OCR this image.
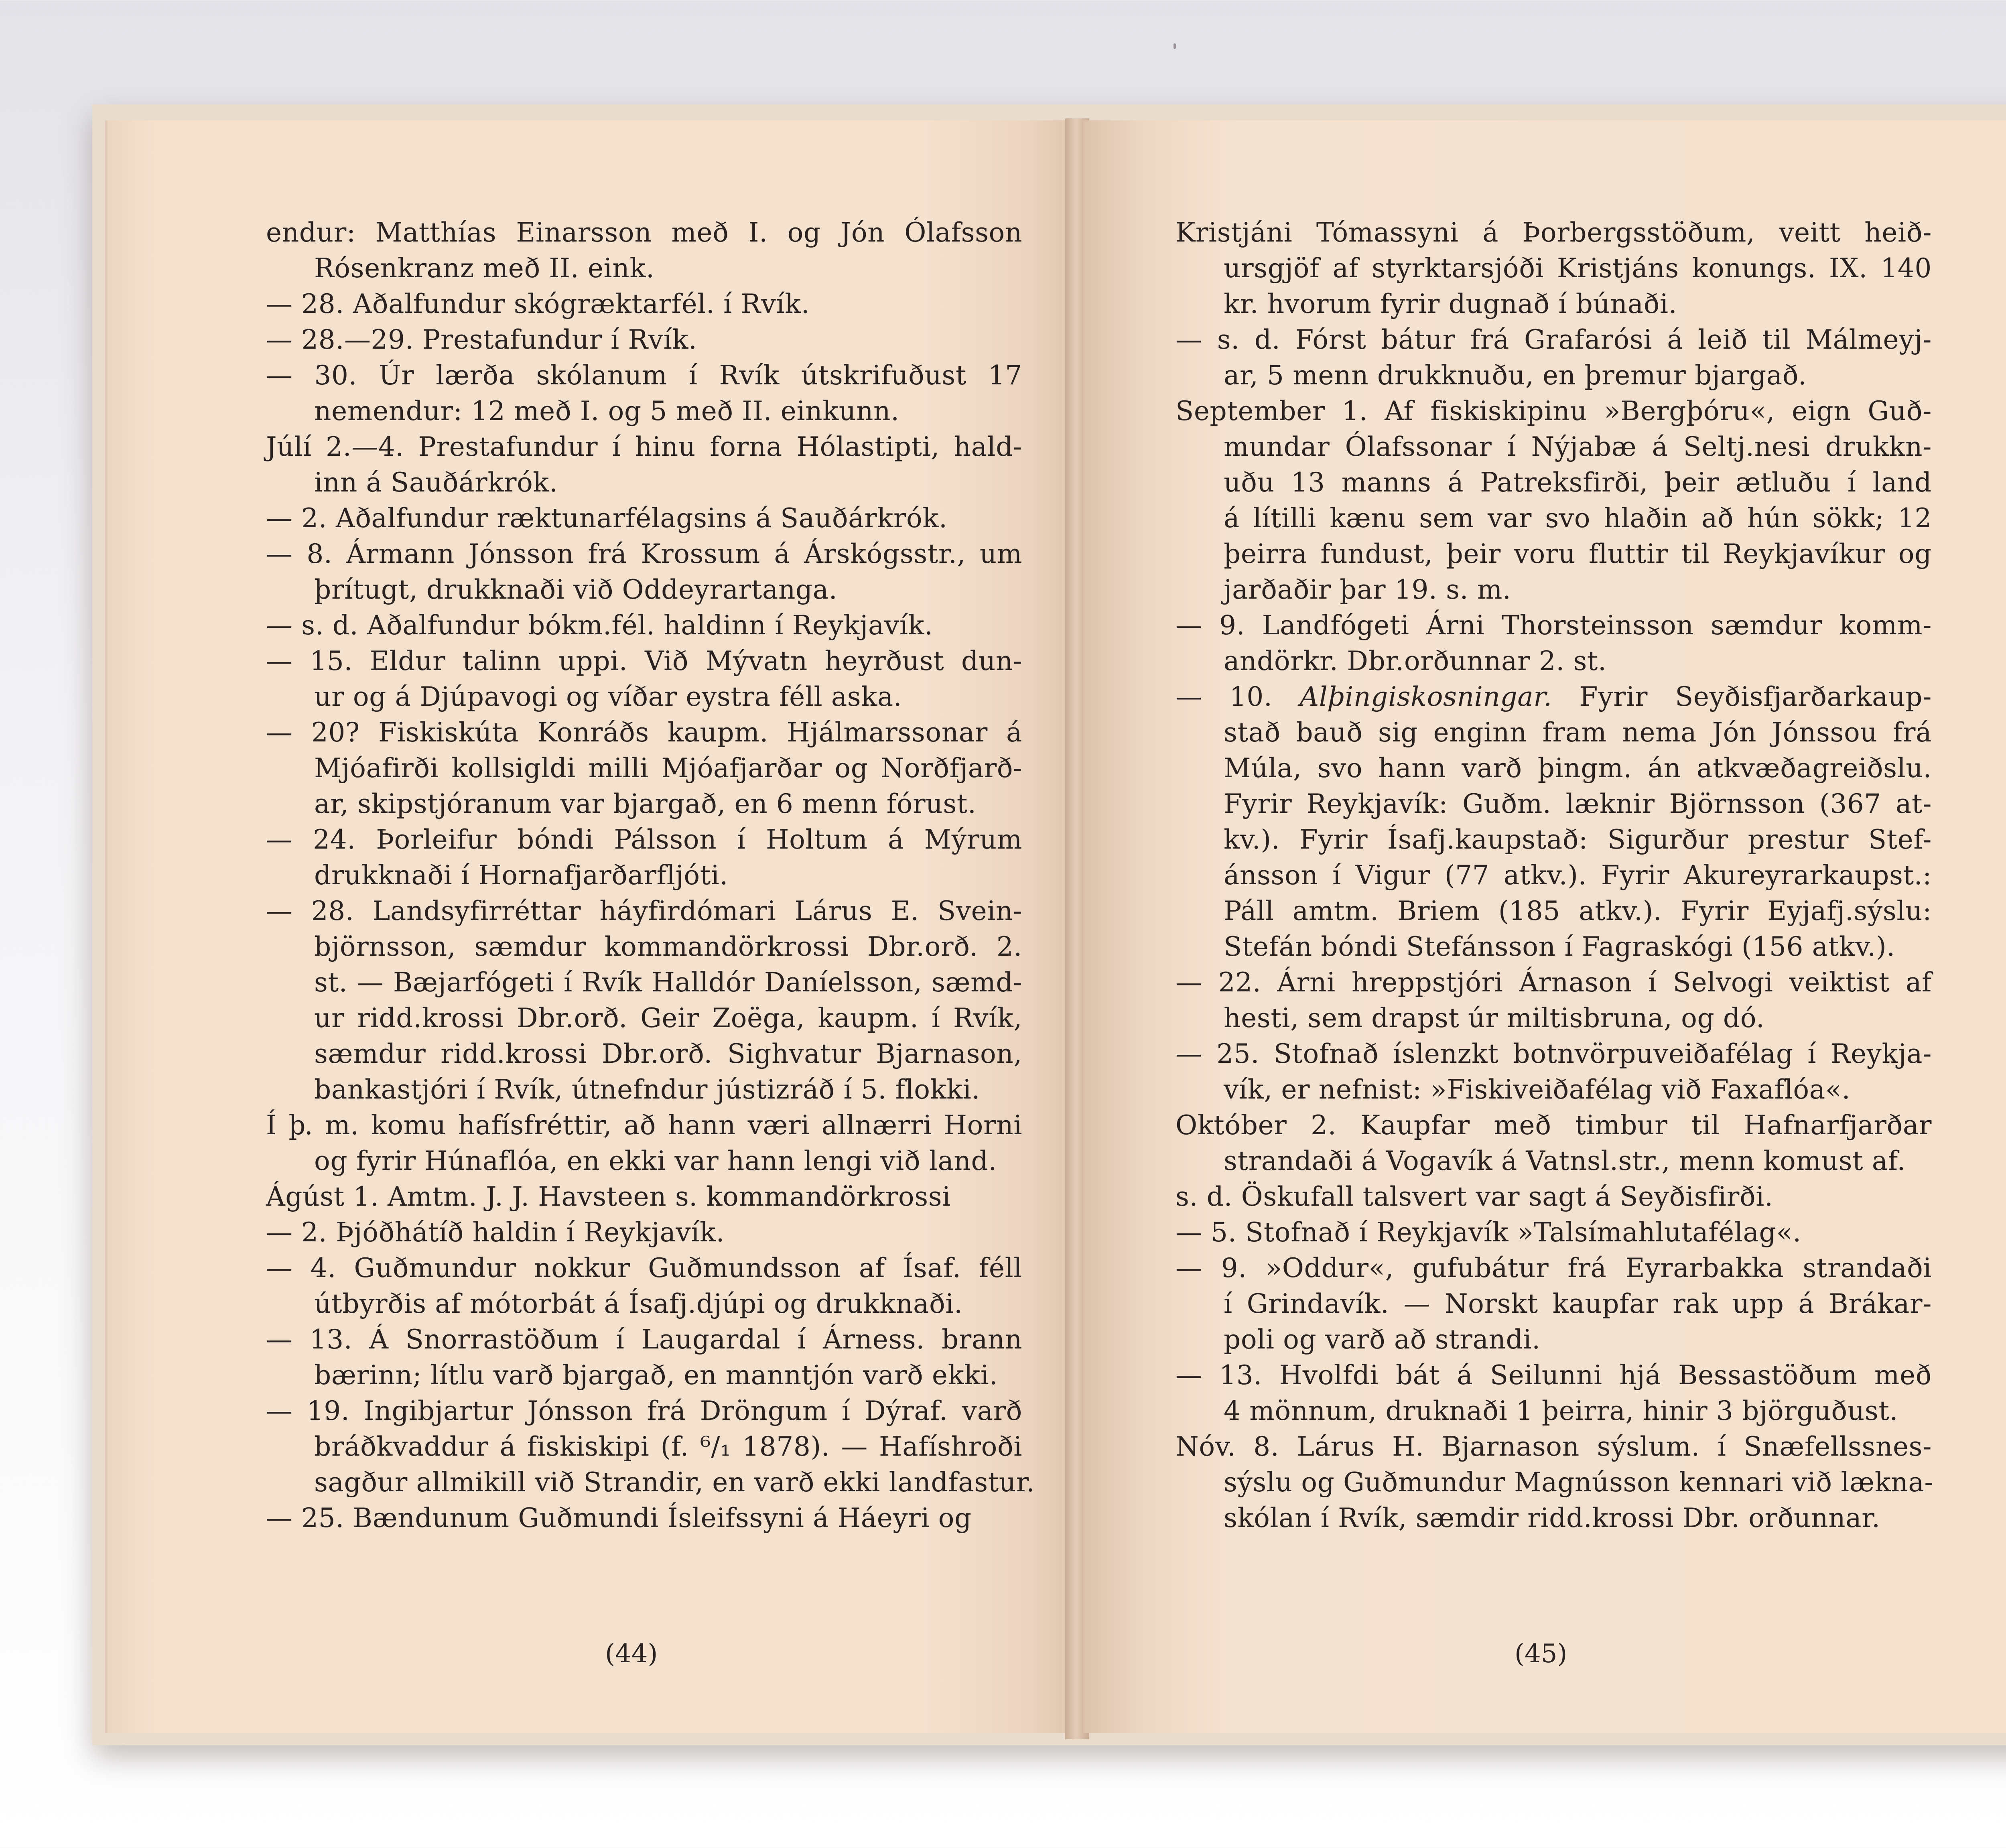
endur: Matthías Einarsson með I. og Jón Ólafsson
Rósenkranz með II. eink.
— 28. Aðalfundur skógræktarfél. í Rvík.
— 28.—29. Prestafundur í Rvík.
— 30. Úr lærða skólanum í Rvík útskrifuðust 17
nemendur: 12 með I. og 5 með II. einkunn.
Júlí 2.—4. Prestafundur í hinu forna Hólastipti, hald-
inn á Sauðárkrók.
— 2. Aðalfundur ræktunarfélagsins á Sauðárkrók.
— 8. Ármann Jónsson frá Krossum á Árskógsstr., um
þrítugt, drukknaði við Oddeyrartanga.
— s. d. Aðalfundur bókm.fél. haldinn í Reykjavík.
— 15. Eldur talinn uppi. Við Mývatn heyrðust dun-
ur og á Djúpavogi og víðar eystra féll aska.
— 20? Fiskiskúta Konráðs kaupm. Hjálmarssonar á
Mjóafirði kollsigldi milli Mjóafjarðar og Norðfjarð-
ar, skipstjóranum var bjargað, en 6 menn fórust.
— 24. Þorleifur bóndi Pálsson í Holtum á Mýrum
drukknaði í Hornafjarðarfljóti.
— 28. Landsyfirréttar háyfirdómari Lárus E. Svein-
björnsson, sæmdur kommandörkrossi Dbr.orð. 2.
st. — Bæjarfógeti í Rvík Halldór Daníelsson, sæmd-
ur ridd.krossi Dbr.orð. Geir Zoëga, kaupm. í Rvík,
sæmdur ridd.krossi Dbr.orð. Sighvatur Bjarnason,
bankastjóri í Rvík, útnefndur jústizráð í 5. flokki.
Í þ. m. komu hafísfréttir, að hann væri allnærri Horni
og fyrir Húnaflóa, en ekki var hann lengi við land.
Ágúst 1. Amtm. J. J. Havsteen s. kommandörkrossi
— 2. Þjóðhátíð haldin í Reykjavík.
— 4. Guðmundur nokkur Guðmundsson af Ísaf. féll
útbyrðis af mótorbát á Ísafj.djúpi og drukknaði.
— 13. Á Snorrastöðum í Laugardal í Árness. brann
bærinn; lítlu varð bjargað, en manntjón varð ekki.
— 19. Ingibjartur Jónsson frá Dröngum í Dýraf. varð
bráðkvaddur á fiskiskipi (f. ⁶/₁ 1878). — Hafíshroði
sagður allmikill við Strandir, en varð ekki landfastur.
— 25. Bændunum Guðmundi Ísleifssyni á Háeyri og
(44)
Kristjáni Tómassyni á Þorbergsstöðum, veitt heið-
ursgjöf af styrktarsjóði Kristjáns konungs. IX. 140
kr. hvorum fyrir dugnað í búnaði.
— s. d. Fórst bátur frá Grafarósi á leið til Málmeyj-
ar, 5 menn drukknuðu, en þremur bjargað.
September 1. Af fiskiskipinu »Bergþóru«, eign Guð-
mundar Ólafssonar í Nýjabæ á Seltj.nesi drukkn-
uðu 13 manns á Patreksfirði, þeir ætluðu í land
á lítilli kænu sem var svo hlaðin að hún sökk; 12
þeirra fundust, þeir voru fluttir til Reykjavíkur og
jarðaðir þar 19. s. m.
— 9. Landfógeti Árni Thorsteinsson sæmdur komm-
andörkr. Dbr.orðunnar 2. st.
— 10. Alþingiskosningar. Fyrir Seyðisfjarðarkaup-
stað bauð sig enginn fram nema Jón Jónssou frá
Múla, svo hann varð þingm. án atkvæðagreiðslu.
Fyrir Reykjavík: Guðm. læknir Björnsson (367 at-
kv.). Fyrir Ísafj.kaupstað: Sigurður prestur Stef-
ánsson í Vigur (77 atkv.). Fyrir Akureyrarkaupst.:
Páll amtm. Briem (185 atkv.). Fyrir Eyjafj.sýslu:
Stefán bóndi Stefánsson í Fagraskógi (156 atkv.).
— 22. Árni hreppstjóri Árnason í Selvogi veiktist af
hesti, sem drapst úr miltisbruna, og dó.
— 25. Stofnað íslenzkt botnvörpuveiðafélag í Reykja-
vík, er nefnist: »Fiskiveiðafélag við Faxaflóa«.
Október 2. Kaupfar með timbur til Hafnarfjarðar
strandaði á Vogavík á Vatnsl.str., menn komust af.
s. d. Öskufall talsvert var sagt á Seyðisfirði.
— 5. Stofnað í Reykjavík »Talsímahlutafélag«.
— 9. »Oddur«, gufubátur frá Eyrarbakka strandaði
í Grindavík. — Norskt kaupfar rak upp á Brákar-
poli og varð að strandi.
— 13. Hvolfdi bát á Seilunni hjá Bessastöðum með
4 mönnum, druknaði 1 þeirra, hinir 3 björguðust.
Nóv. 8. Lárus H. Bjarnason sýslum. í Snæfellssnes-
sýslu og Guðmundur Magnússon kennari við lækna-
skólan í Rvík, sæmdir ridd.krossi Dbr. orðunnar.
(45)
